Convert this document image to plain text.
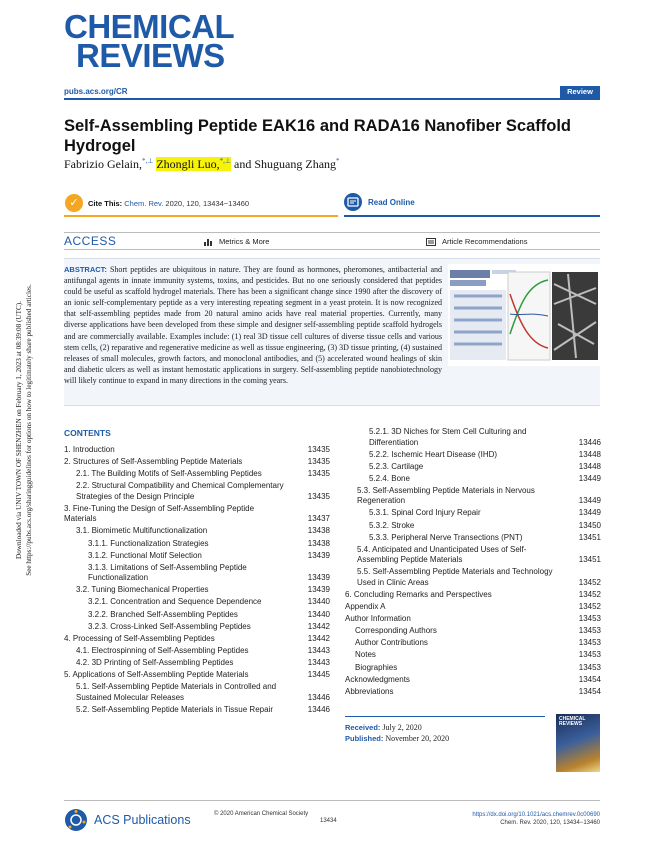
Downloaded via UNIV TOWN OF SHENZHEN on February 1, 2023 at 08:39:08 (UTC). See https://pubs.acs.org/sharingguidelines for options on how to legitimately share published articles.
CHEMICAL
REVIEWS
pubs.acs.org/CR	Review
Self-Assembling Peptide EAK16 and RADA16 Nanofiber Scaffold Hydrogel
Fabrizio Gelain,*,⊥ Zhongli Luo,*,⊥ and Shuguang Zhang*
✓	Cite This: Chem. Rev. 2020, 120, 13434−13460	Read Online
ACCESS	Metrics & More	Article Recommendations
ABSTRACT: Short peptides are ubiquitous in nature. They are found as hormones, pheromones, antibacterial and antifungal agents in innate immunity systems, toxins, and pesticides. But no one seriously considered that peptides could be useful as scaffold hydrogel materials. There has been a significant change since 1990 after the discovery of an ionic self-complementary peptide as a very interesting repeating segment in a yeast protein. It is now recognized that self-assembling peptides made from 20 natural amino acids have real material properties. Currently, many diverse applications have been developed from these simple and designer self-assembling peptide scaffold hydrogels and are commercially available. Examples include: (1) real 3D tissue cell cultures of diverse tissue cells and various stem cells, (2) reparative and regenerative medicine as well as tissue engineering, (3) 3D tissue printing, (4) sustained releases of small molecules, growth factors, and monoclonal antibodies, and (5) accelerated wound healings of skin and diabetic ulcers as well as instant hemostatic applications in surgery. Self-assembling peptide nanobiotechnology will likely continue to expand in many directions in the coming years.
CONTENTS
1. Introduction	13435
2. Structures of Self-Assembling Peptide Materials	13435
2.1. The Building Motifs of Self-Assembling Peptides	13435
2.2. Structural Compatibility and Chemical Complementary Strategies of the Design Principle	13435
3. Fine-Tuning the Design of Self-Assembling Peptide Materials	13437
3.1. Biomimetic Multifunctionalization	13438
3.1.1. Functionalization Strategies	13438
3.1.2. Functional Motif Selection	13439
3.1.3. Limitations of Self-Assembling Peptide Functionalization	13439
3.2. Tuning Biomechanical Properties	13439
3.2.1. Concentration and Sequence Dependence	13440
3.2.2. Branched Self-Assembling Peptides	13440
3.2.3. Cross-Linked Self-Assembling Peptides	13442
4. Processing of Self-Assembling Peptides	13442
4.1. Electrospinning of Self-Assembling Peptides	13443
4.2. 3D Printing of Self-Assembling Peptides	13443
5. Applications of Self-Assembling Peptide Materials	13445
5.1. Self-Assembling Peptide Materials in Controlled and Sustained Molecular Releases	13446
5.2. Self-Assembling Peptide Materials in Tissue Repair	13446
5.2.1. 3D Niches for Stem Cell Culturing and Differentiation	13446
5.2.2. Ischemic Heart Disease (IHD)	13448
5.2.3. Cartilage	13448
5.2.4. Bone	13449
5.3. Self-Assembling Peptide Materials in Nervous Regeneration	13449
5.3.1. Spinal Cord Injury Repair	13449
5.3.2. Stroke	13450
5.3.3. Peripheral Nerve Transections (PNT)	13451
5.4. Anticipated and Unanticipated Uses of Self-Assembling Peptide Materials	13451
5.5. Self-Assembling Peptide Materials and Technology Used in Clinic Areas	13452
6. Concluding Remarks and Perspectives	13452
Appendix A	13452
Author Information	13453
Corresponding Authors	13453
Author Contributions	13453
Notes	13453
Biographies	13453
Acknowledgments	13454
Abbreviations	13454
Received: July 2, 2020
Published: November 20, 2020
CHEMICAL
REVIEWS
ACS Publications	© 2020 American Chemical Society
13434
https://dx.doi.org/10.1021/acs.chemrev.0c00690
Chem. Rev. 2020, 120, 13434−13460
